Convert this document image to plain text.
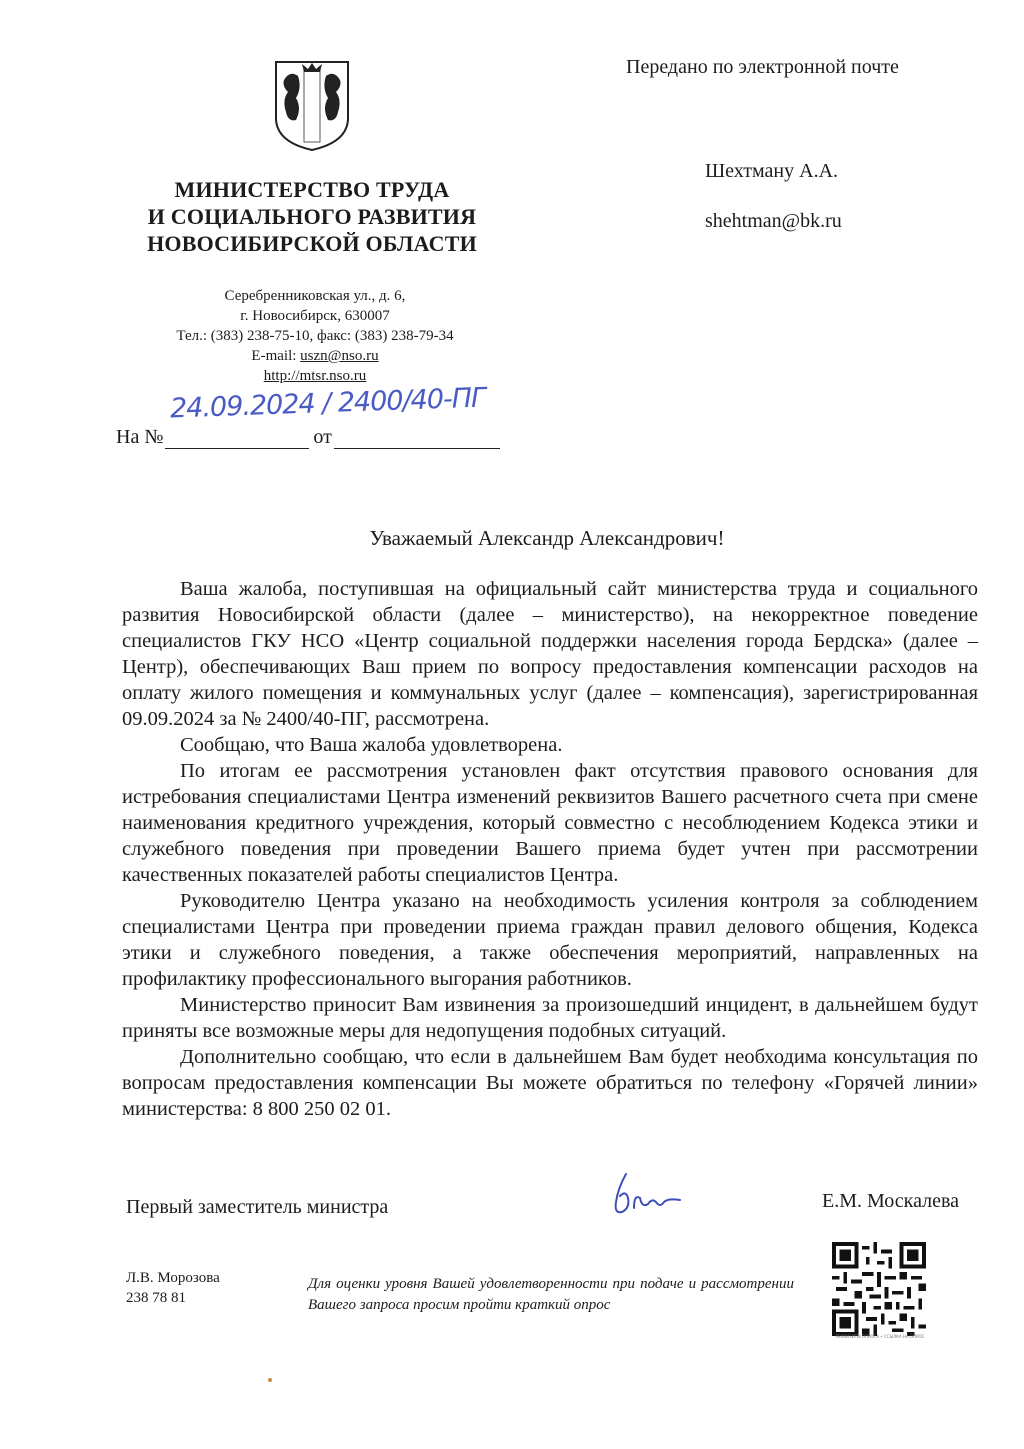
МИНИСТЕРСТВО ТРУДА
И СОЦИАЛЬНОГО РАЗВИТИЯ
НОВОСИБИРСКОЙ ОБЛАСТИ
Серебренниковская ул., д. 6,
г. Новосибирск, 630007
Тел.: (383) 238-75-10, факс: (383) 238-79-34
E-mail: uszn@nso.ru
http://mtsr.nso.ru
Передано по электронной почте
Шехтману А.А.
shehtman@bk.ru
24.09.2024 / 2400/40-ПГ
На №	от
Уважаемый Александр Александрович!

Ваша жалоба, поступившая на официальный сайт министерства труда и социального развития Новосибирской области (далее – министерство), на некорректное поведение специалистов ГКУ НСО «Центр социальной поддержки населения города Бердска» (далее – Центр), обеспечивающих Ваш прием по вопросу предоставления компенсации расходов на оплату жилого помещения и коммунальных услуг (далее – компенсация), зарегистрированная 09.09.2024 за № 2400/40-ПГ, рассмотрена.

Сообщаю, что Ваша жалоба удовлетворена.

По итогам ее рассмотрения установлен факт отсутствия правового основания для истребования специалистами Центра изменений реквизитов Вашего расчетного счета при смене наименования кредитного учреждения, который совместно с несоблюдением Кодекса этики и служебного поведения при проведении Вашего приема будет учтен при рассмотрении качественных показателей работы специалистов Центра.

Руководителю Центра указано на необходимость усиления контроля за соблюдением специалистами Центра при проведении приема граждан правил делового общения, Кодекса этики и служебного поведения, а также обеспечения мероприятий, направленных на профилактику профессионального выгорания работников.

Министерство приносит Вам извинения за произошедший инцидент, в дальнейшем будут приняты все возможные меры для недопущения подобных ситуаций.

Дополнительно сообщаю, что если в дальнейшем Вам будет необходима консультация по вопросам предоставления компенсации Вы можете обратиться по телефону «Горячей линии» министерства: 8 800 250 02 01.

Первый заместитель министра	Е.М. Москалева
Л.В. Морозова
238 78 81
Для оценки уровня Вашей удовлетворенности при подаче и рассмотрении Вашего запроса просим пройти краткий опрос
РЕКВИЗИТЫ ОПРОСА • ССЫЛКА НА ОПРОС
